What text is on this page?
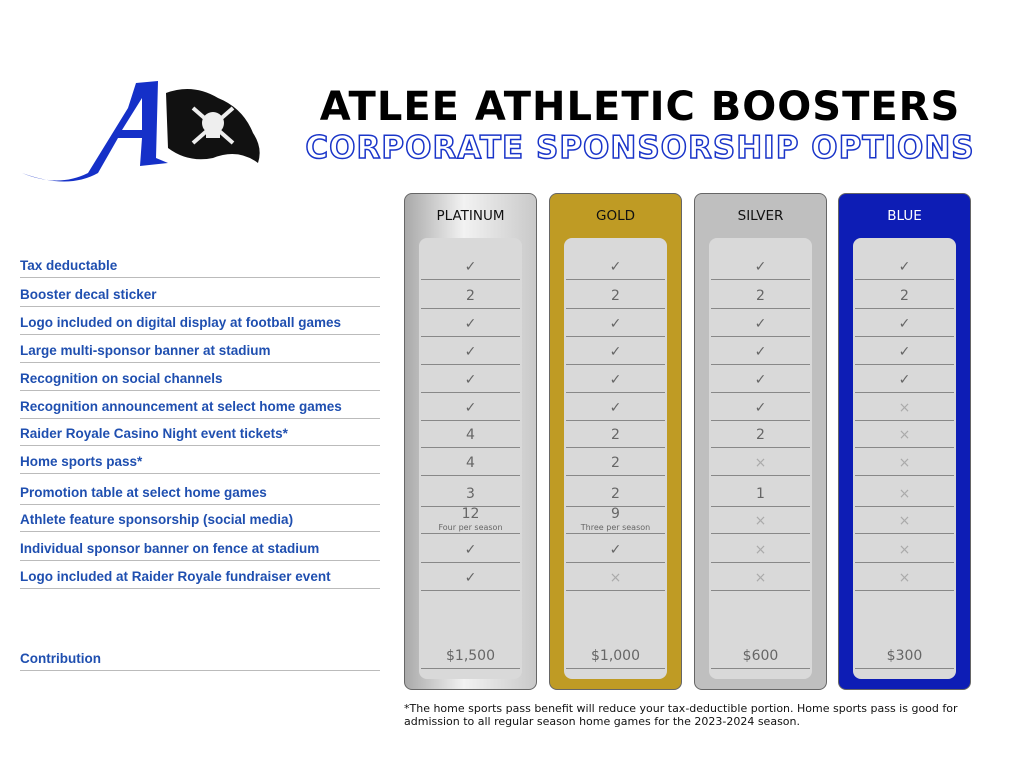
ATLEE ATHLETIC BOOSTERS
CORPORATE SPONSORSHIP OPTIONS
Tax deductable
Booster decal sticker
Logo included on digital display at football games
Large multi-sponsor banner at stadium
Recognition on social channels
Recognition announcement at select home games
Raider Royale Casino Night event tickets*
Home sports pass*
Promotion table at select home games
Athlete feature sponsorship (social media)
Individual sponsor banner on fence at stadium
Logo included at Raider Royale fundraiser event
Contribution
PLATINUM
✓
2
✓
✓
✓
✓
4
4
3
12
Four per season
✓
✓
$1,500
GOLD
✓
2
✓
✓
✓
✓
2
2
2
9
Three per season
✓
×
$1,000
SILVER
✓
2
✓
✓
✓
✓
2
×
1
×
×
×
$600
BLUE
✓
2
✓
✓
✓
×
×
×
×
×
×
×
$300
*The home sports pass benefit will reduce your tax-deductible portion. Home sports pass is good for admission to all regular season home games for the 2023-2024 season.
